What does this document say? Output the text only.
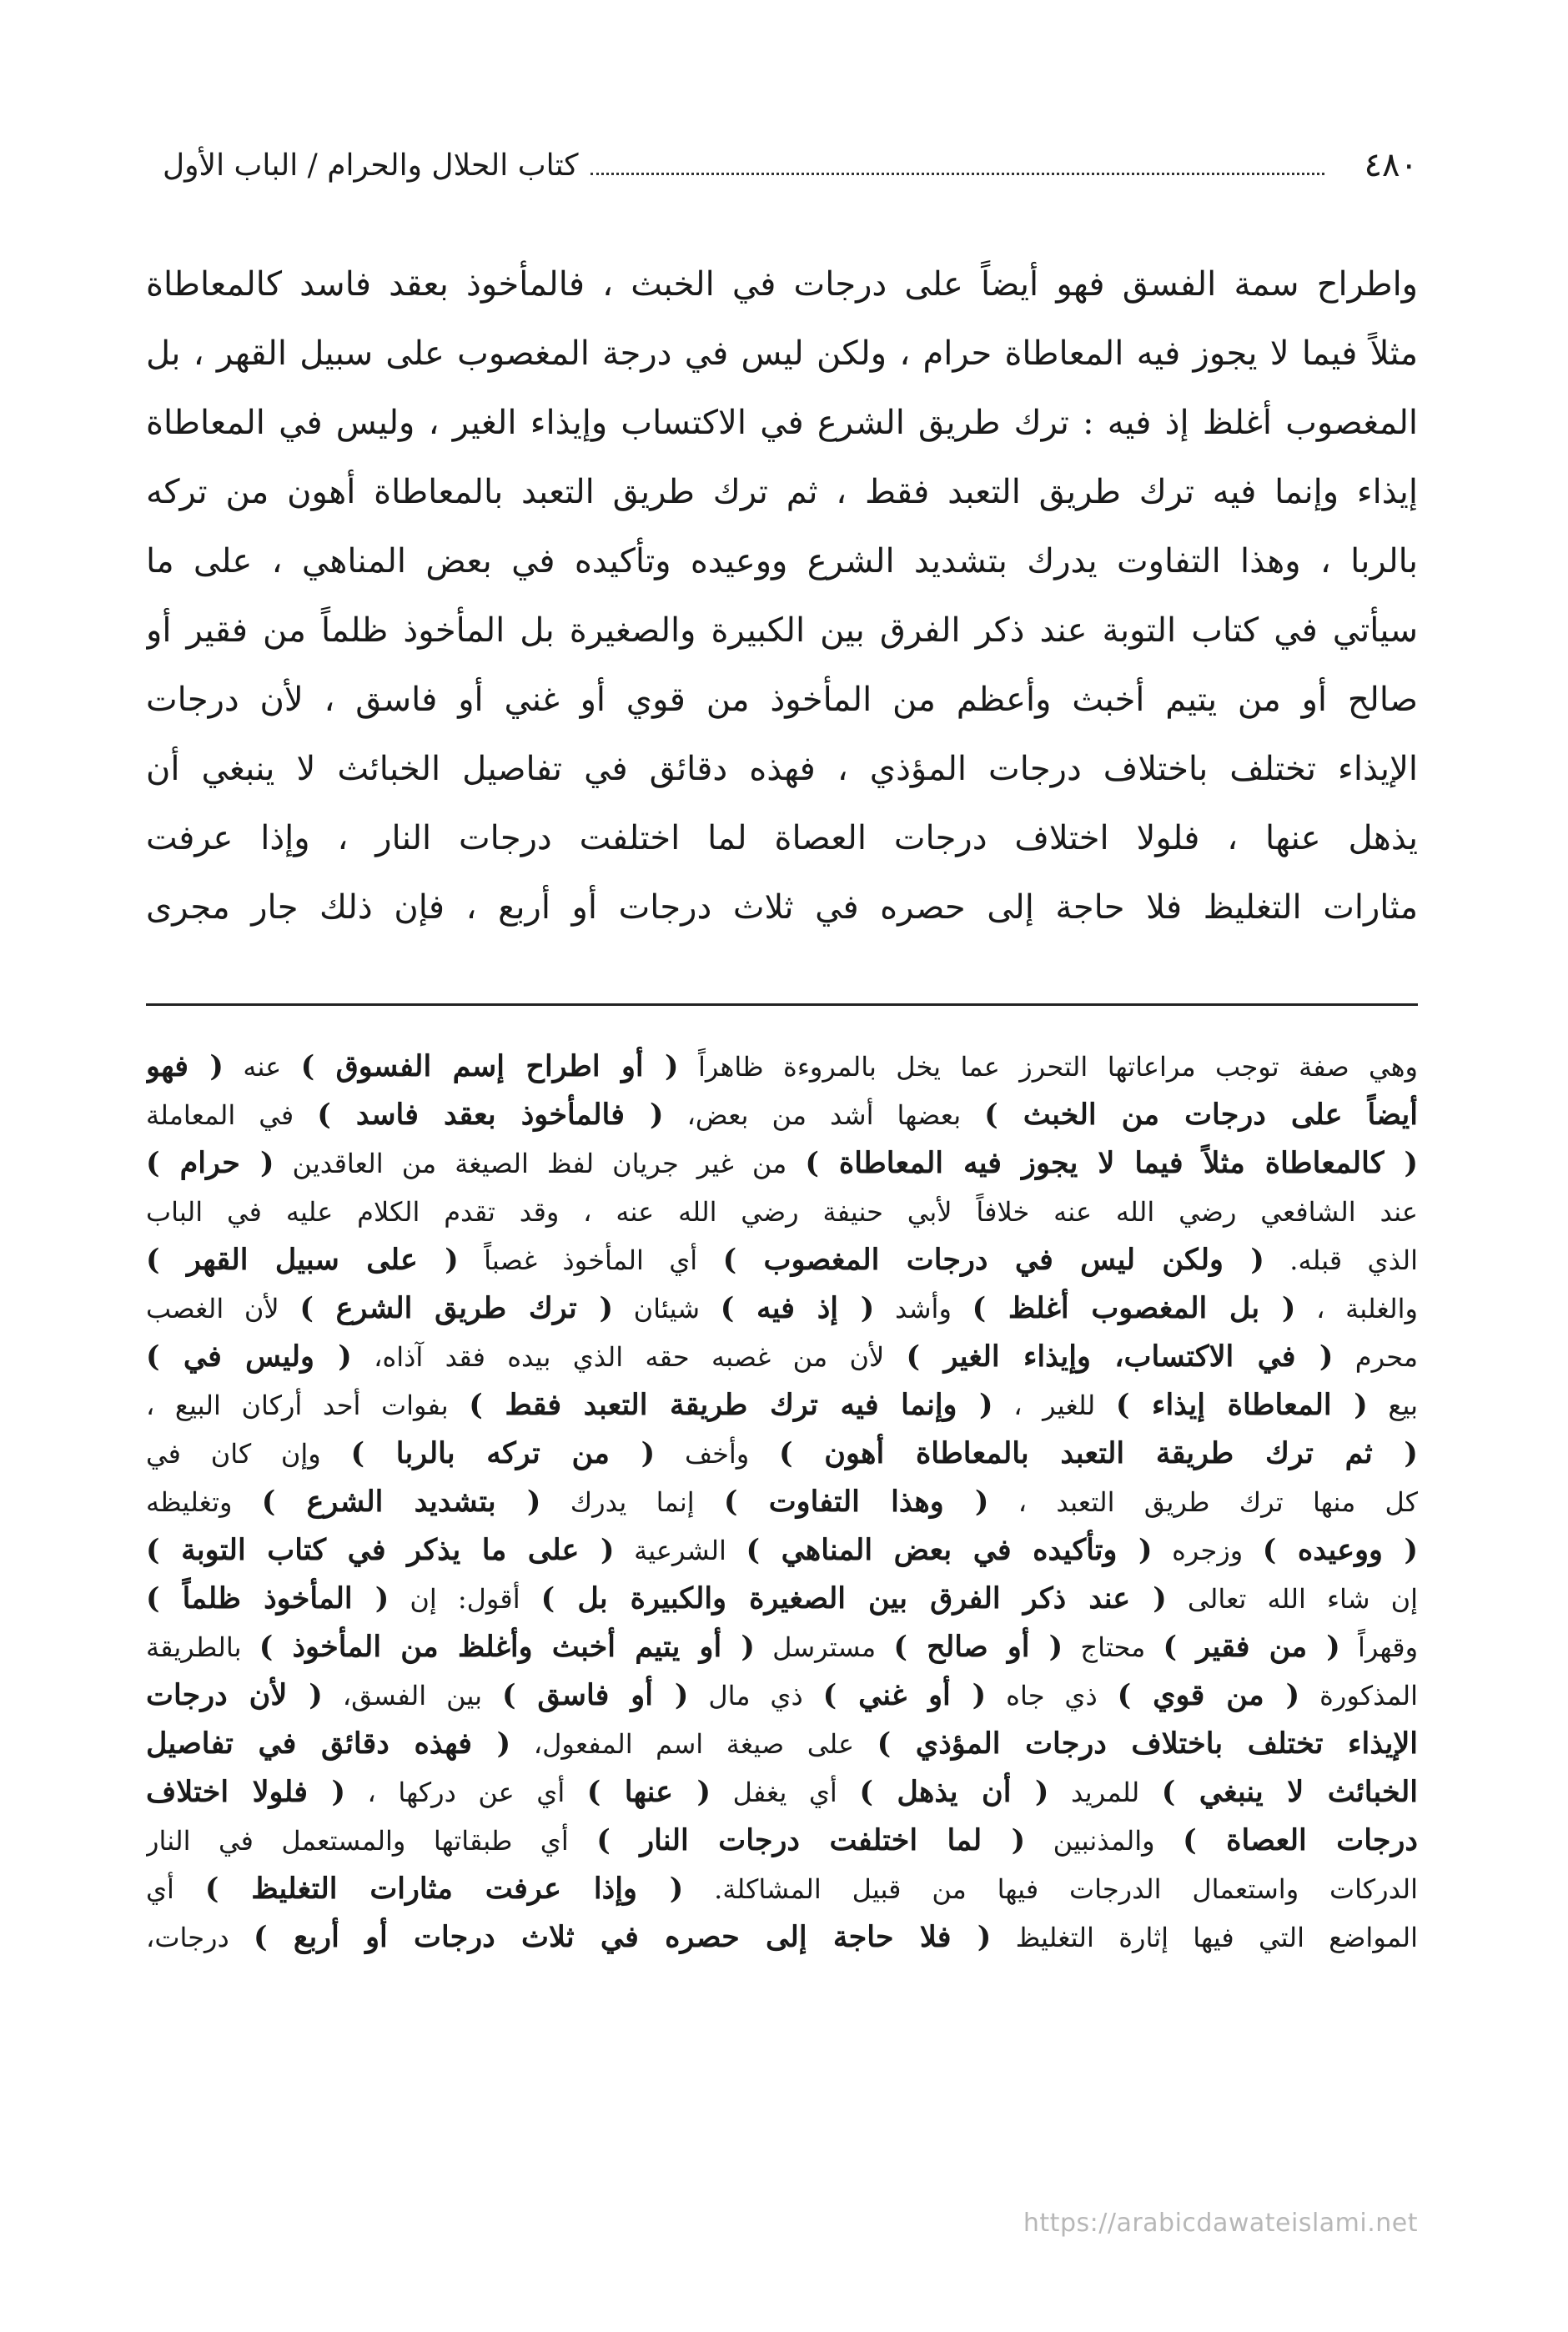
٤٨٠
كتاب الحلال والحرام / الباب الأول
واطراح سمة الفسق فهو أيضاً على درجات في الخبث ، فالمأخوذ بعقد فاسد كالمعاطاة
مثلاً فيما لا يجوز فيه المعاطاة حرام ، ولكن ليس في درجة المغصوب على سبيل القهر ، بل
المغصوب أغلظ إذ فيه : ترك طريق الشرع في الاكتساب وإيذاء الغير ، وليس في المعاطاة
إيذاء وإنما فيه ترك طريق التعبد فقط ، ثم ترك طريق التعبد بالمعاطاة أهون من تركه
بالربا ، وهذا التفاوت يدرك بتشديد الشرع ووعيده وتأكيده في بعض المناهي ، على ما
سيأتي في كتاب التوبة عند ذكر الفرق بين الكبيرة والصغيرة بل المأخوذ ظلماً من فقير أو
صالح أو من يتيم أخبث وأعظم من المأخوذ من قوي أو غني أو فاسق ، لأن درجات
الإيذاء تختلف باختلاف درجات المؤذي ، فهذه دقائق في تفاصيل الخبائث لا ينبغي أن
يذهل عنها ، فلولا اختلاف درجات العصاة لما اختلفت درجات النار ، وإذا عرفت
مثارات التغليظ فلا حاجة إلى حصره في ثلاث درجات أو أربع ، فإن ذلك جار مجرى
وهي صفة توجب مراعاتها التحرز عما يخل بالمروءة ظاهراً ( أو اطراح إسم الفسوق ) عنه ( فهو
أيضاً على درجات من الخبث ) بعضها أشد من بعض، ( فالمأخوذ بعقد فاسد ) في المعاملة
( كالمعاطاة مثلاً فيما لا يجوز فيه المعاطاة ) من غير جريان لفظ الصيغة من العاقدين ( حرام )
عند الشافعي رضي الله عنه خلافاً لأبي حنيفة رضي الله عنه ، وقد تقدم الكلام عليه في الباب
الذي قبله. ( ولكن ليس في درجات المغصوب ) أي المأخوذ غصباً ( على سبيل القهر )
والغلبة ، ( بل المغصوب أغلظ ) وأشد ( إذ فيه ) شيئان ( ترك طريق الشرع ) لأن الغصب
محرم ( في الاكتساب، وإيذاء الغير ) لأن من غصبه حقه الذي بيده فقد آذاه، ( وليس في )
بيع ( المعاطاة إيذاء ) للغير ، ( وإنما فيه ترك طريقة التعبد فقط ) بفوات أحد أركان البيع ،
( ثم ترك طريقة التعبد بالمعاطاة أهون ) وأخف ( من تركه بالربا ) وإن كان في
كل منها ترك طريق التعبد ، ( وهذا التفاوت ) إنما يدرك ( بتشديد الشرع ) وتغليظه
( ووعيده ) وزجره ( وتأكيده في بعض المناهي ) الشرعية ( على ما يذكر في كتاب التوبة )
إن شاء الله تعالى ( عند ذكر الفرق بين الصغيرة والكبيرة بل ) أقول: إن ( المأخوذ ظلماً )
وقهراً ( من فقير ) محتاج ( أو صالح ) مسترسل ( أو يتيم أخبث وأغلظ من المأخوذ ) بالطريقة
المذكورة ( من قوي ) ذي جاه ( أو غني ) ذي مال ( أو فاسق ) بين الفسق، ( لأن درجات
الإيذاء تختلف باختلاف درجات المؤذي ) على صيغة اسم المفعول، ( فهذه دقائق في تفاصيل
الخبائث لا ينبغي ) للمريد ( أن يذهل ) أي يغفل ( عنها ) أي عن دركها ، ( فلولا اختلاف
درجات العصاة ) والمذنبين ( لما اختلفت درجات النار ) أي طبقاتها والمستعمل في النار
الدركات واستعمال الدرجات فيها من قبيل المشاكلة. ( وإذا عرفت مثارات التغليظ ) أي
المواضع التي فيها إثارة التغليظ ( فلا حاجة إلى حصره في ثلاث درجات أو أربع ) درجات،
https://arabicdawateislami.net
